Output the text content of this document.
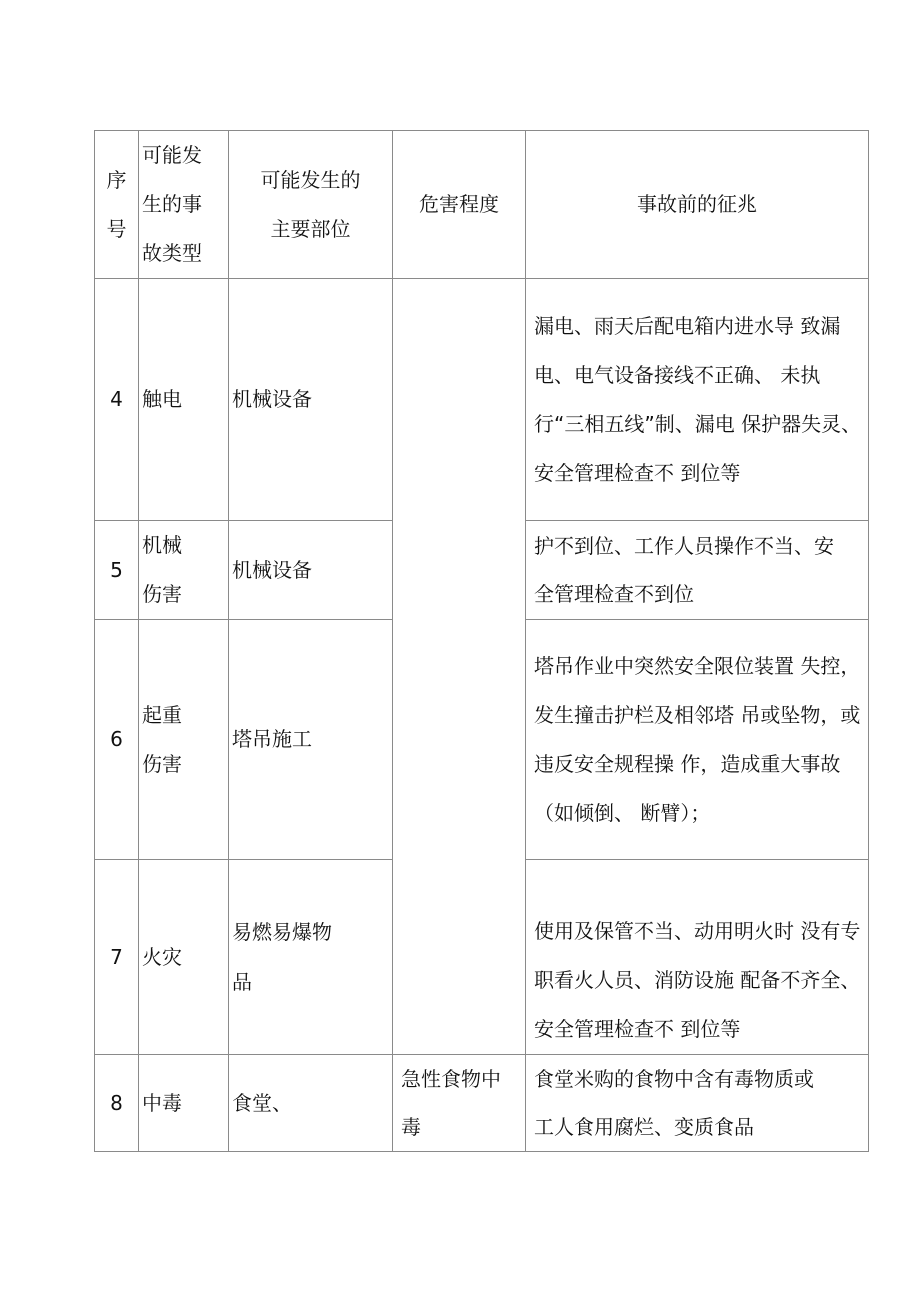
序号	可能发生的事故类型	可能发生的主要部位	危害程度	事故前的征兆
4	触电	机械设备		漏电、雨天后配电箱内进水导 致漏电、电气设备接线不正确、 未执行“三相五线”制、漏电 保护器失灵、安全管理检查不 到位等

5	机械伤害	机械设备		护不到位、工作人员操作不当、安全管理检查不到位

6	起重伤害	塔吊施工		塔吊作业中突然安全限位装置 失控，发生撞击护栏及相邻塔 吊或坠物，或违反安全规程操 作，造成重大事故（如倾倒、 断臂）；

7	火灾	易燃易爆物品		使用及保管不当、动用明火时 没有专职看火人员、消防设施 配备不齐全、安全管理检查不 到位等

8	中毒	食堂、	急性食物中毒	食堂米购的食物中含有毒物质或工人食用腐烂、变质食品
